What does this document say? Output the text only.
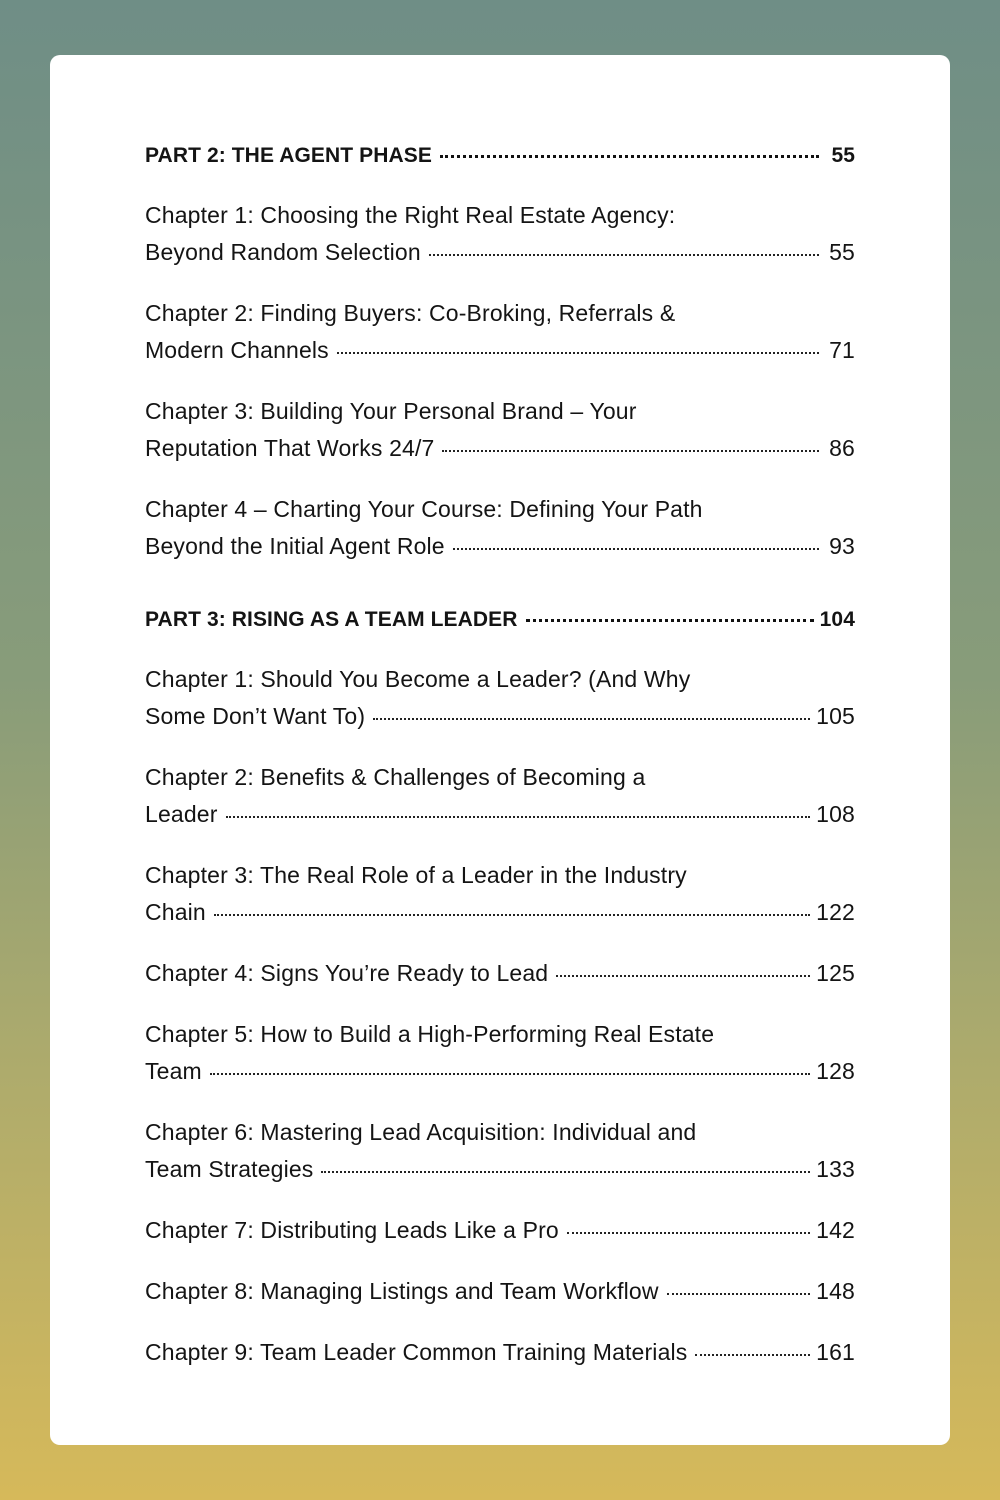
PART 2: THE AGENT PHASE	55
Chapter 1: Choosing the Right Real Estate Agency:
Beyond Random Selection	55
Chapter 2: Finding Buyers: Co-Broking, Referrals &
Modern Channels	71
Chapter 3: Building Your Personal Brand – Your
Reputation That Works 24/7	86
Chapter 4 – Charting Your Course: Defining Your Path
Beyond the Initial Agent Role	93
PART 3: RISING AS A TEAM LEADER	104
Chapter 1: Should You Become a Leader? (And Why
Some Don’t Want To)	105
Chapter 2: Benefits & Challenges of Becoming a
Leader	108
Chapter 3: The Real Role of a Leader in the Industry
Chain	122
Chapter 4: Signs You’re Ready to Lead	125
Chapter 5: How to Build a High-Performing Real Estate
Team	128
Chapter 6: Mastering Lead Acquisition: Individual and
Team Strategies	133
Chapter 7: Distributing Leads Like a Pro	142
Chapter 8: Managing Listings and Team Workflow	148
Chapter 9: Team Leader Common Training Materials	161
